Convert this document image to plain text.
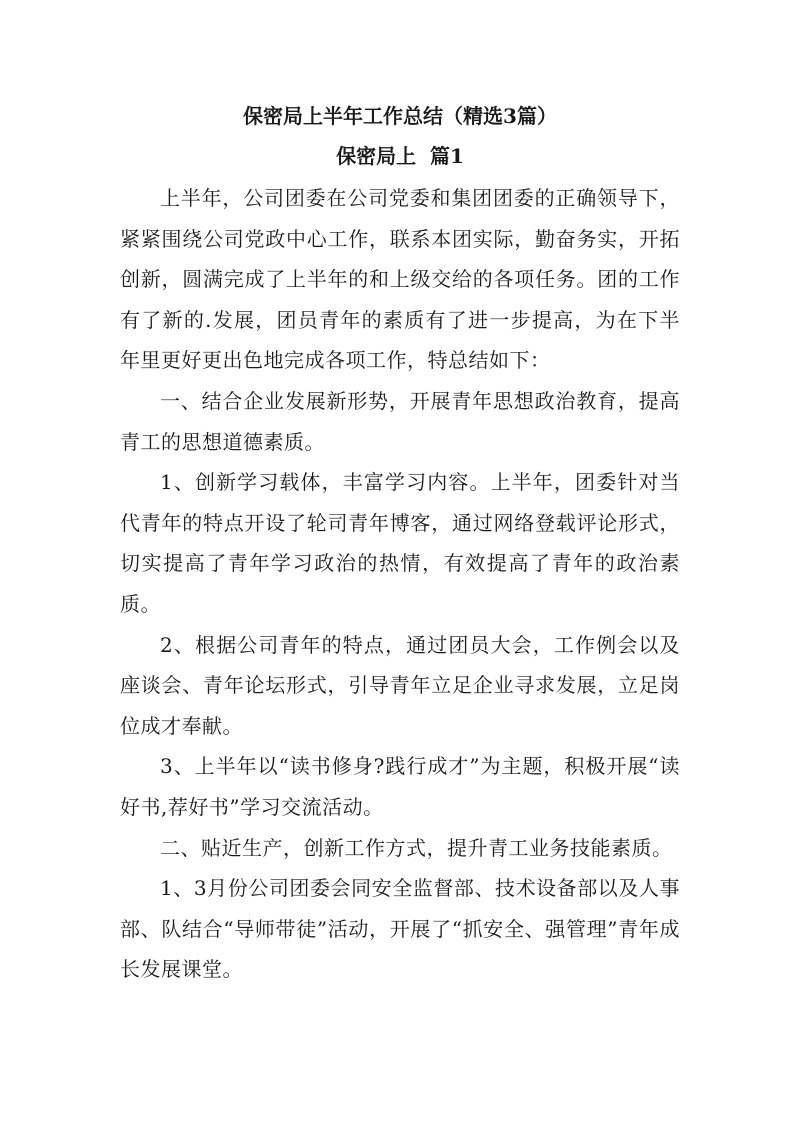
保密局上半年工作总结（精选3篇）
保密局上  篇1

上半年，公司团委在公司党委和集团团委的正确领导下，紧紧围绕公司党政中心工作，联系本团实际，勤奋务实，开拓创新，圆满完成了上半年的和上级交给的各项任务。团的工作有了新的.发展，团员青年的素质有了进一步提高，为在下半年里更好更出色地完成各项工作，特总结如下：

一、结合企业发展新形势，开展青年思想政治教育，提高青工的思想道德素质。

1、创新学习载体，丰富学习内容。上半年，团委针对当代青年的特点开设了轮司青年博客，通过网络登载评论形式，切实提高了青年学习政治的热情，有效提高了青年的政治素质。

2、根据公司青年的特点，通过团员大会，工作例会以及座谈会、青年论坛形式，引导青年立足企业寻求发展，立足岗位成才奉献。

3、上半年以“读书修身?践行成才”为主题，积极开展“读好书,荐好书”学习交流活动。

二、贴近生产，创新工作方式，提升青工业务技能素质。

1、3月份公司团委会同安全监督部、技术设备部以及人事部、队结合“导师带徒”活动，开展了“抓安全、强管理”青年成长发展课堂。
